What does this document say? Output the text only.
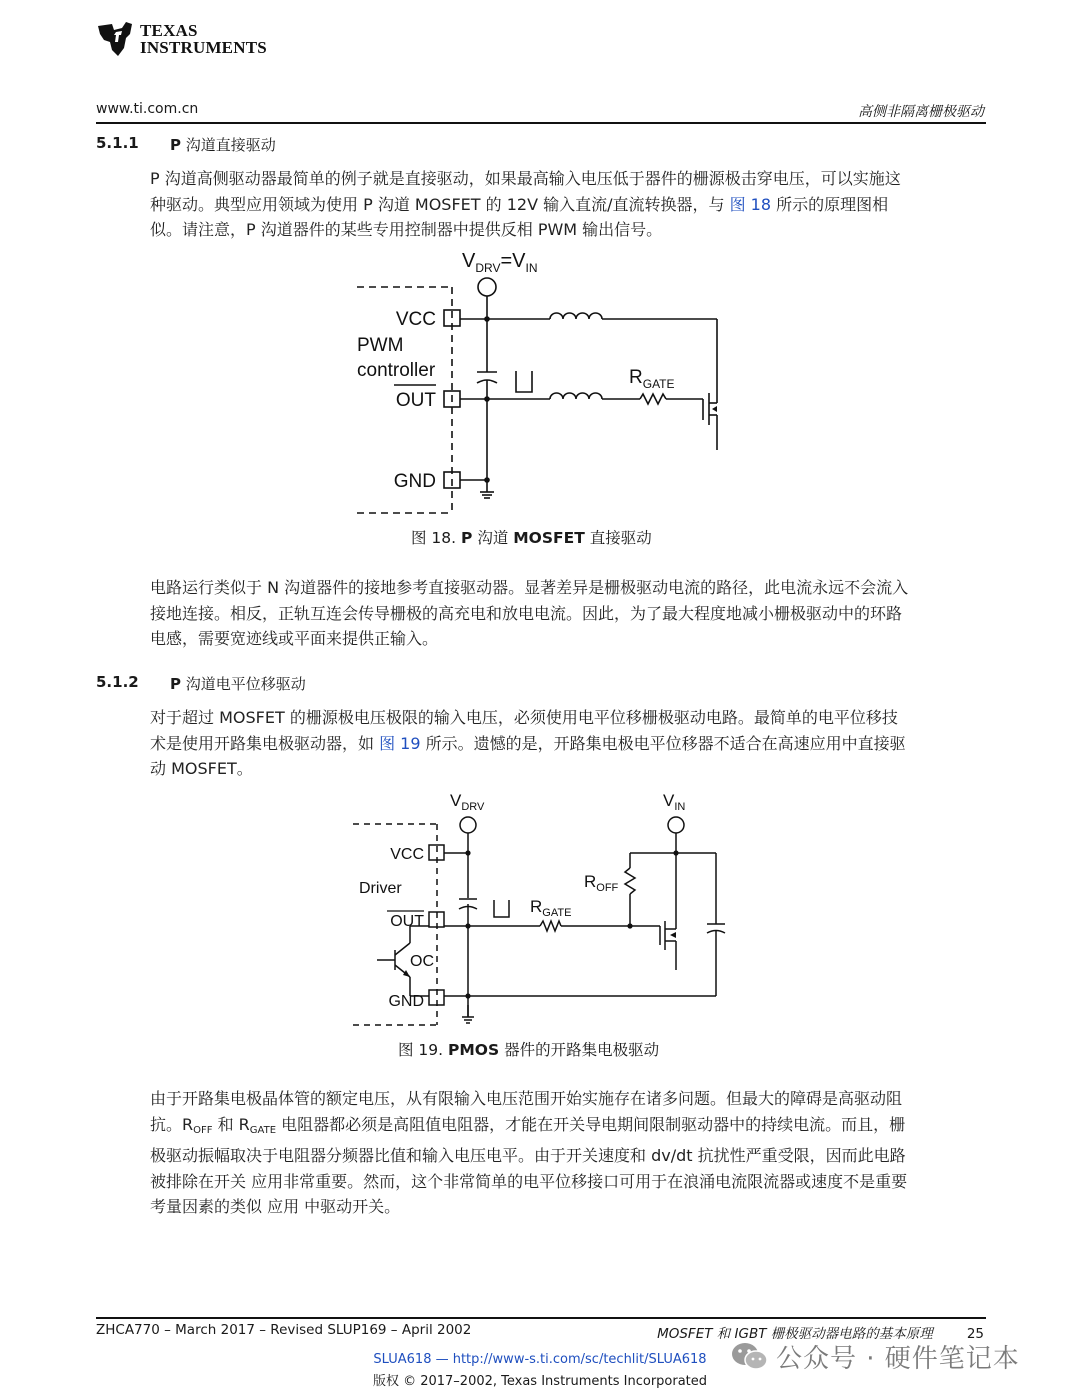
TEXAS
INSTRUMENTS
www.ti.com.cn	高侧非隔离栅极驱动
5.1.1 P 沟道直接驱动
P 沟道高侧驱动器最简单的例子就是直接驱动，如果最高输入电压低于器件的栅源极击穿电压，可以实施这
种驱动。典型应用领域为使用 P 沟道 MOSFET 的 12V 输入直流/直流转换器，与 图 18 所示的原理图相
似。请注意，P 沟道器件的某些专用控制器中提供反相 PWM 输出信号。
$V_{DRV}=V_{IN}$
VCC
PWM
controller
OUT
GND
$R_{GATE}$
图 18. P 沟道 MOSFET 直接驱动
电路运行类似于 N 沟道器件的接地参考直接驱动器。显著差异是栅极驱动电流的路径，此电流永远不会流入
接地连接。相反，正轨互连会传导栅极的高充电和放电电流。因此，为了最大程度地减小栅极驱动中的环路
电感，需要宽迹线或平面来提供正输入。
5.1.2 P 沟道电平位移驱动
对于超过 MOSFET 的栅源极电压极限的输入电压，必须使用电平位移栅极驱动电路。最简单的电平位移技
术是使用开路集电极驱动器，如 图 19 所示。遗憾的是，开路集电极电平位移器不适合在高速应用中直接驱
动 MOSFET。
$V_{DRV}$	$V_{IN}$
VCC
Driver
OUT
OC
GND
$R_{OFF}$
$R_{GATE}$
图 19. PMOS 器件的开路集电极驱动
由于开路集电极晶体管的额定电压，从有限输入电压范围开始实施存在诸多问题。但最大的障碍是高驱动阻
抗。$R_{OFF}$ 和 $R_{GATE}$ 电阻器都必须是高阻值电阻器，才能在开关导电期间限制驱动器中的持续电流。而且，栅
极驱动振幅取决于电阻器分频器比值和输入电压电平。由于开关速度和 dv/dt 抗扰性严重受限，因而此电路
被排除在开关 应用非常重要。然而，这个非常简单的电平位移接口可用于在浪涌电流限流器或速度不是重要
考量因素的类似 应用 中驱动开关。
ZHCA770 – March 2017 – Revised SLUP169 – April 2002	MOSFET 和 IGBT 栅极驱动器电路的基本原理	25
SLUA618 — http://www-s.ti.com/sc/techlit/SLUA618
版权 © 2017–2002, Texas Instruments Incorporated
公众号 · 硬件笔记本
